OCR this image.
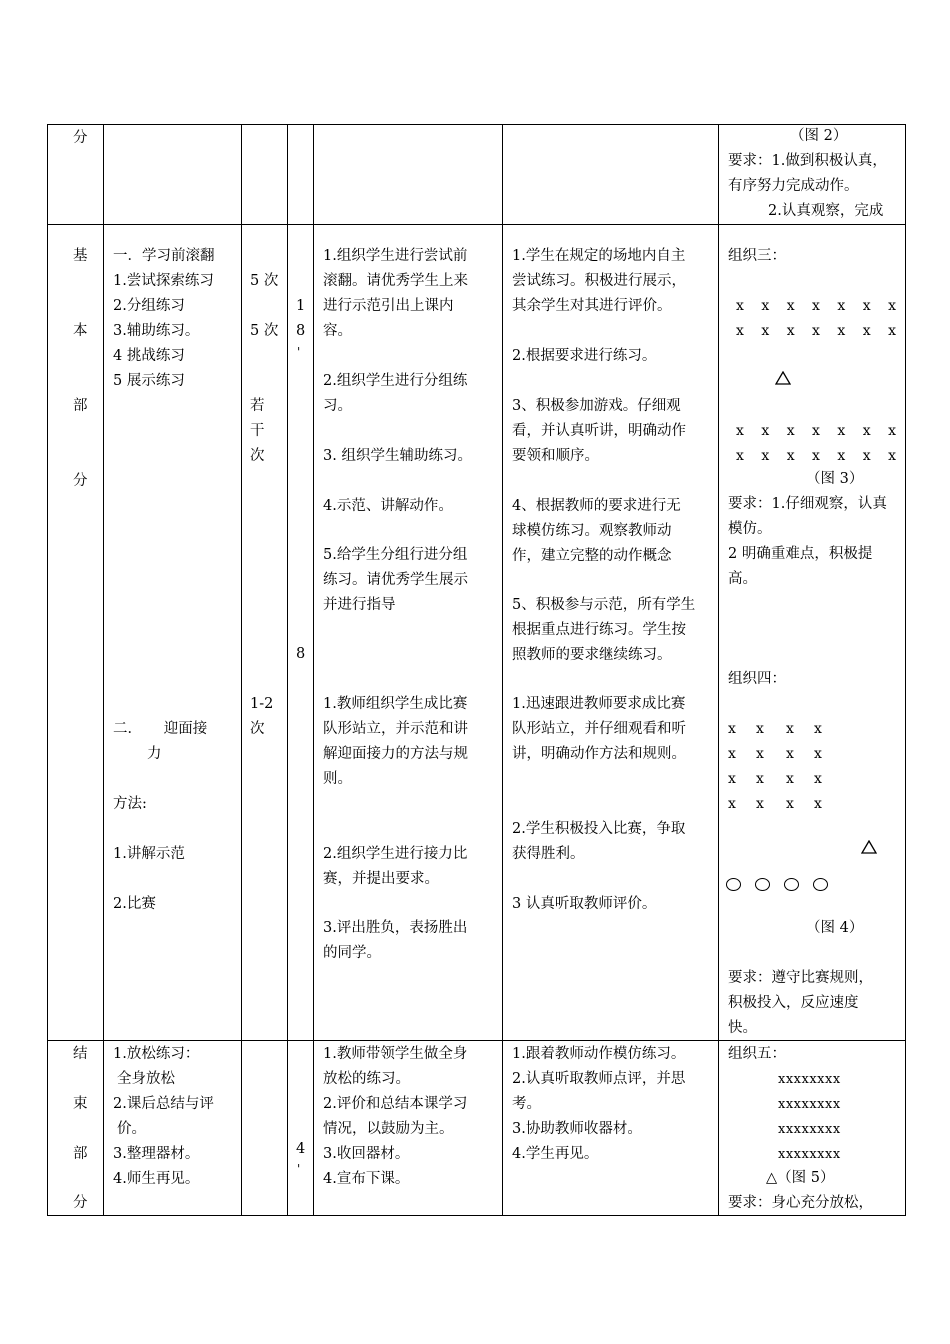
分	（图 2）
要求：1.做到积极认真，
有序努力完成动作。
2.认真观察，完成
基
本
部
分
一．学习前滚翻
1.尝试探索练习
2.分组练习
3.辅助练习。
4 挑战练习
5 展示练习
二．　　迎面接
力
方法:
1.讲解示范
2.比赛
5 次
5 次
若
干
次
1-2
次
1
8
'
8
1.组织学生进行尝试前
滚翻。请优秀学生上来
进行示范引出上课内
容。
2.组织学生进行分组练
习。
3. 组织学生辅助练习。
4.示范、讲解动作。
5.给学生分组行进分组
练习。请优秀学生展示
并进行指导
1.教师组织学生成比赛
队形站立，并示范和讲
解迎面接力的方法与规
则。
2.组织学生进行接力比
赛，并提出要求。
3.评出胜负，表扬胜出
的同学。
1.学生在规定的场地内自主
尝试练习。积极进行展示，
其余学生对其进行评价。
2.根据要求进行练习。
3、积极参加游戏。仔细观
看，并认真听讲，明确动作
要领和顺序。
4、根据教师的要求进行无
球模仿练习。观察教师动
作，建立完整的动作概念
5、积极参与示范，所有学生
根据重点进行练习。学生按
照教师的要求继续练习。
1.迅速跟进教师要求成比赛
队形站立，并仔细观看和听
讲，明确动作方法和规则。
2.学生积极投入比赛，争取
获得胜利。
3 认真听取教师评价。
组织三：
x x x x x x x
x x x x x x x
x x x x x x x
x x x x x x x
（图 3）
要求：1.仔细观察，认真
模仿。
2 明确重难点，积极提
高。
组织四：
x x x x
x x x x
x x x x
x x x x
（图 4）
要求：遵守比赛规则，
积极投入，反应速度
快。
结
束
部
分
1.放松练习：
全身放松
2.课后总结与评
价。
3.整理器材。
4.师生再见。
4
'
1.教师带领学生做全身
放松的练习。
2.评价和总结本课学习
情况，以鼓励为主。
3.收回器材。
4.宣布下课。
1.跟着教师动作模仿练习。
2.认真听取教师点评，并思
考。
3.协助教师收器材。
4.学生再见。
组织五：
xxxxxxxx
xxxxxxxx
xxxxxxxx
xxxxxxxx
△（图 5）
要求：身心充分放松，
